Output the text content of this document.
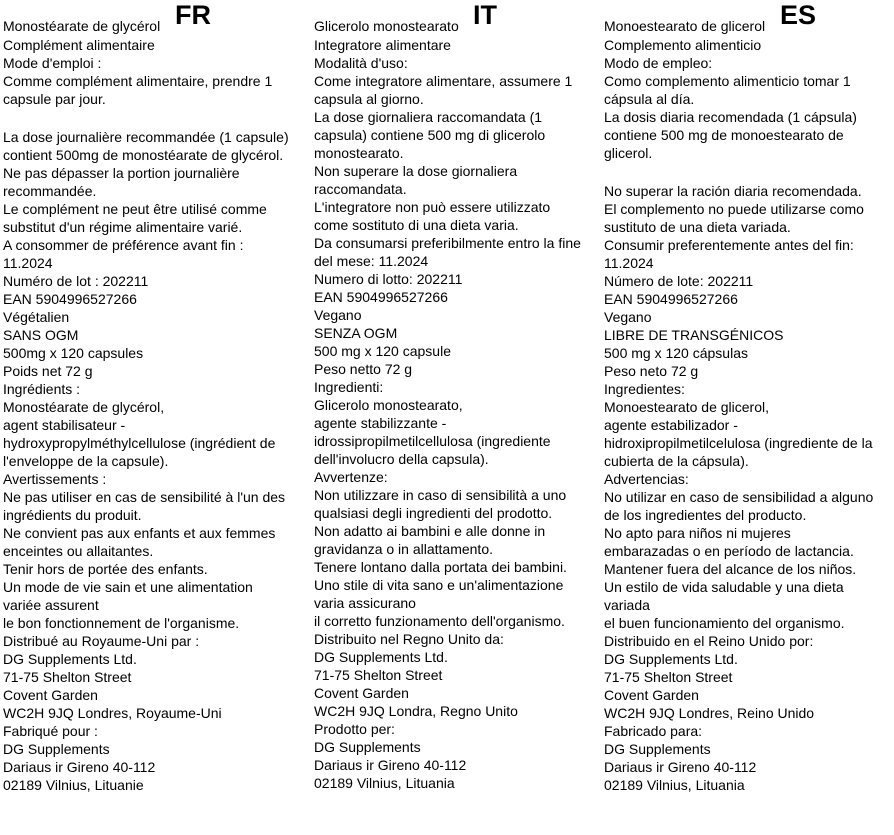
Monostéarate de glycérol FR
Complément alimentaire
Mode d'emploi :
Comme complément alimentaire, prendre 1
capsule par jour.
La dose journalière recommandée (1 capsule)
contient 500mg de monostéarate de glycérol.
Ne pas dépasser la portion journalière
recommandée.
Le complément ne peut être utilisé comme
substitut d'un régime alimentaire varié.
A consommer de préférence avant fin :
11.2024
Numéro de lot : 202211
EAN 5904996527266
Végétalien
SANS OGM
500mg x 120 capsules
Poids net 72 g
Ingrédients :
Monostéarate de glycérol,
agent stabilisateur -
hydroxypropylméthylcellulose (ingrédient de
l'enveloppe de la capsule).
Avertissements :
Ne pas utiliser en cas de sensibilité à l'un des
ingrédients du produit.
Ne convient pas aux enfants et aux femmes
enceintes ou allaitantes.
Tenir hors de portée des enfants.
Un mode de vie sain et une alimentation
variée assurent
le bon fonctionnement de l'organisme.
Distribué au Royaume-Uni par :
DG Supplements Ltd.
71-75 Shelton Street
Covent Garden
WC2H 9JQ Londres, Royaume-Uni
Fabriqué pour :
DG Supplements
Dariaus ir Gireno 40-112
02189 Vilnius, Lituanie
Glicerolo monostearato IT
Integratore alimentare
Modalità d'uso:
Come integratore alimentare, assumere 1
capsula al giorno.
La dose giornaliera raccomandata (1
capsula) contiene 500 mg di glicerolo
monostearato.
Non superare la dose giornaliera
raccomandata.
L'integratore non può essere utilizzato
come sostituto di una dieta varia.
Da consumarsi preferibilmente entro la fine
del mese: 11.2024
Numero di lotto: 202211
EAN 5904996527266
Vegano
SENZA OGM
500 mg x 120 capsule
Peso netto 72 g
Ingredienti:
Glicerolo monostearato,
agente stabilizzante -
idrossipropilmetilcellulosa (ingrediente
dell'involucro della capsula).
Avvertenze:
Non utilizzare in caso di sensibilità a uno
qualsiasi degli ingredienti del prodotto.
Non adatto ai bambini e alle donne in
gravidanza o in allattamento.
Tenere lontano dalla portata dei bambini.
Uno stile di vita sano e un'alimentazione
varia assicurano
il corretto funzionamento dell'organismo.
Distribuito nel Regno Unito da:
DG Supplements Ltd.
71-75 Shelton Street
Covent Garden
WC2H 9JQ Londra, Regno Unito
Prodotto per:
DG Supplements
Dariaus ir Gireno 40-112
02189 Vilnius, Lituania
Monoestearato de glicerol ES
Complemento alimenticio
Modo de empleo:
Como complemento alimenticio tomar 1
cápsula al día.
La dosis diaria recomendada (1 cápsula)
contiene 500 mg de monoestearato de
glicerol.
No superar la ración diaria recomendada.
El complemento no puede utilizarse como
sustituto de una dieta variada.
Consumir preferentemente antes del fin:
11.2024
Número de lote: 202211
EAN 5904996527266
Vegano
LIBRE DE TRANSGÉNICOS
500 mg x 120 cápsulas
Peso neto 72 g
Ingredientes:
Monoestearato de glicerol,
agente estabilizador -
hidroxipropilmetilcelulosa (ingrediente de la
cubierta de la cápsula).
Advertencias:
No utilizar en caso de sensibilidad a alguno
de los ingredientes del producto.
No apto para niños ni mujeres
embarazadas o en período de lactancia.
Mantener fuera del alcance de los niños.
Un estilo de vida saludable y una dieta
variada
el buen funcionamiento del organismo.
Distribuido en el Reino Unido por:
DG Supplements Ltd.
71-75 Shelton Street
Covent Garden
WC2H 9JQ Londres, Reino Unido
Fabricado para:
DG Supplements
Dariaus ir Gireno 40-112
02189 Vilnius, Lituania
